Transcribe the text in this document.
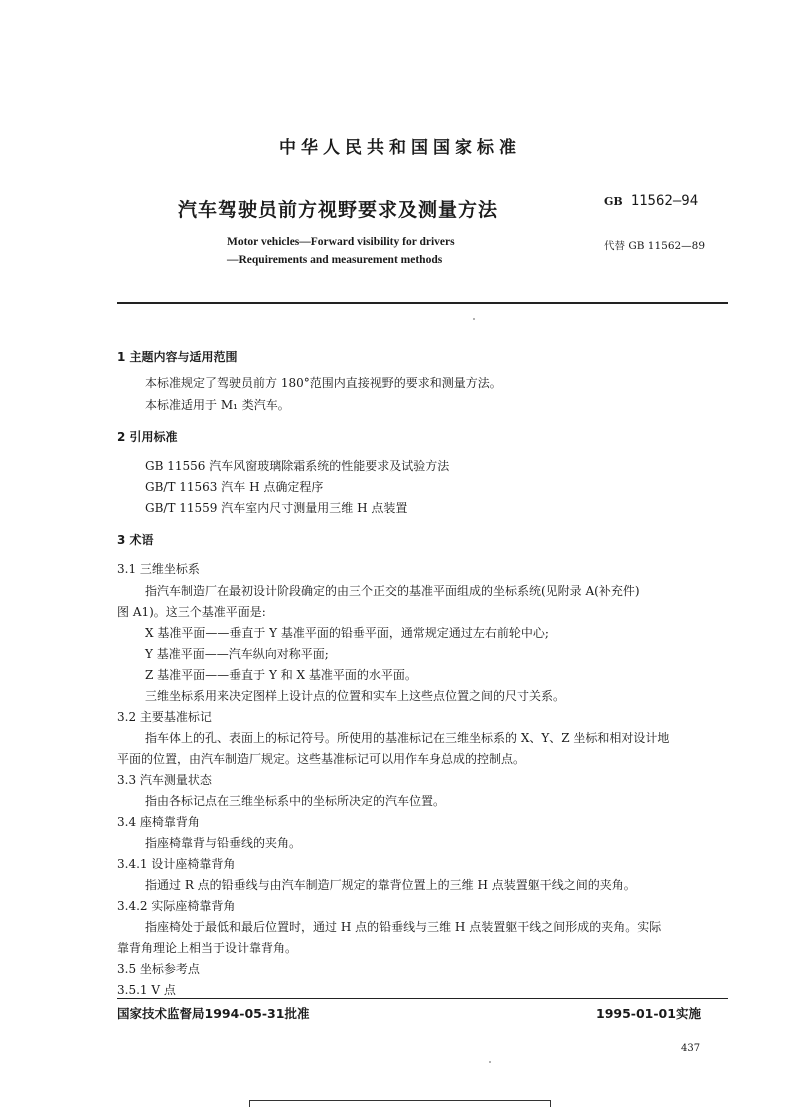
中华人民共和国国家标准
汽车驾驶员前方视野要求及测量方法	GB 11562—94
Motor vehicles—Forward visibility for drivers
—Requirements and measurement methods
代替 GB 11562—89
1 主题内容与适用范围
本标准规定了驾驶员前方 180°范围内直接视野的要求和测量方法。
本标准适用于 M₁ 类汽车。
2 引用标准
GB 11556 汽车风窗玻璃除霜系统的性能要求及试验方法
GB/T 11563 汽车 H 点确定程序
GB/T 11559 汽车室内尺寸测量用三维 H 点装置
3 术语
3.1 三维坐标系
指汽车制造厂在最初设计阶段确定的由三个正交的基准平面组成的坐标系统(见附录 A(补充件)
图 A1)。这三个基准平面是:
X 基准平面——垂直于 Y 基准平面的铅垂平面，通常规定通过左右前轮中心;
Y 基准平面——汽车纵向对称平面;
Z 基准平面——垂直于 Y 和 X 基准平面的水平面。
三维坐标系用来决定图样上设计点的位置和实车上这些点位置之间的尺寸关系。
3.2 主要基准标记
指车体上的孔、表面上的标记符号。所使用的基准标记在三维坐标系的 X、Y、Z 坐标和相对设计地
平面的位置，由汽车制造厂规定。这些基准标记可以用作车身总成的控制点。
3.3 汽车测量状态
指由各标记点在三维坐标系中的坐标所决定的汽车位置。
3.4 座椅靠背角
指座椅靠背与铅垂线的夹角。
3.4.1 设计座椅靠背角
指通过 R 点的铅垂线与由汽车制造厂规定的靠背位置上的三维 H 点装置躯干线之间的夹角。
3.4.2 实际座椅靠背角
指座椅处于最低和最后位置时，通过 H 点的铅垂线与三维 H 点装置躯干线之间形成的夹角。实际
靠背角理论上相当于设计靠背角。
3.5 坐标参考点
3.5.1 V 点
国家技术监督局1994-05-31批准	1995-01-01实施
437
